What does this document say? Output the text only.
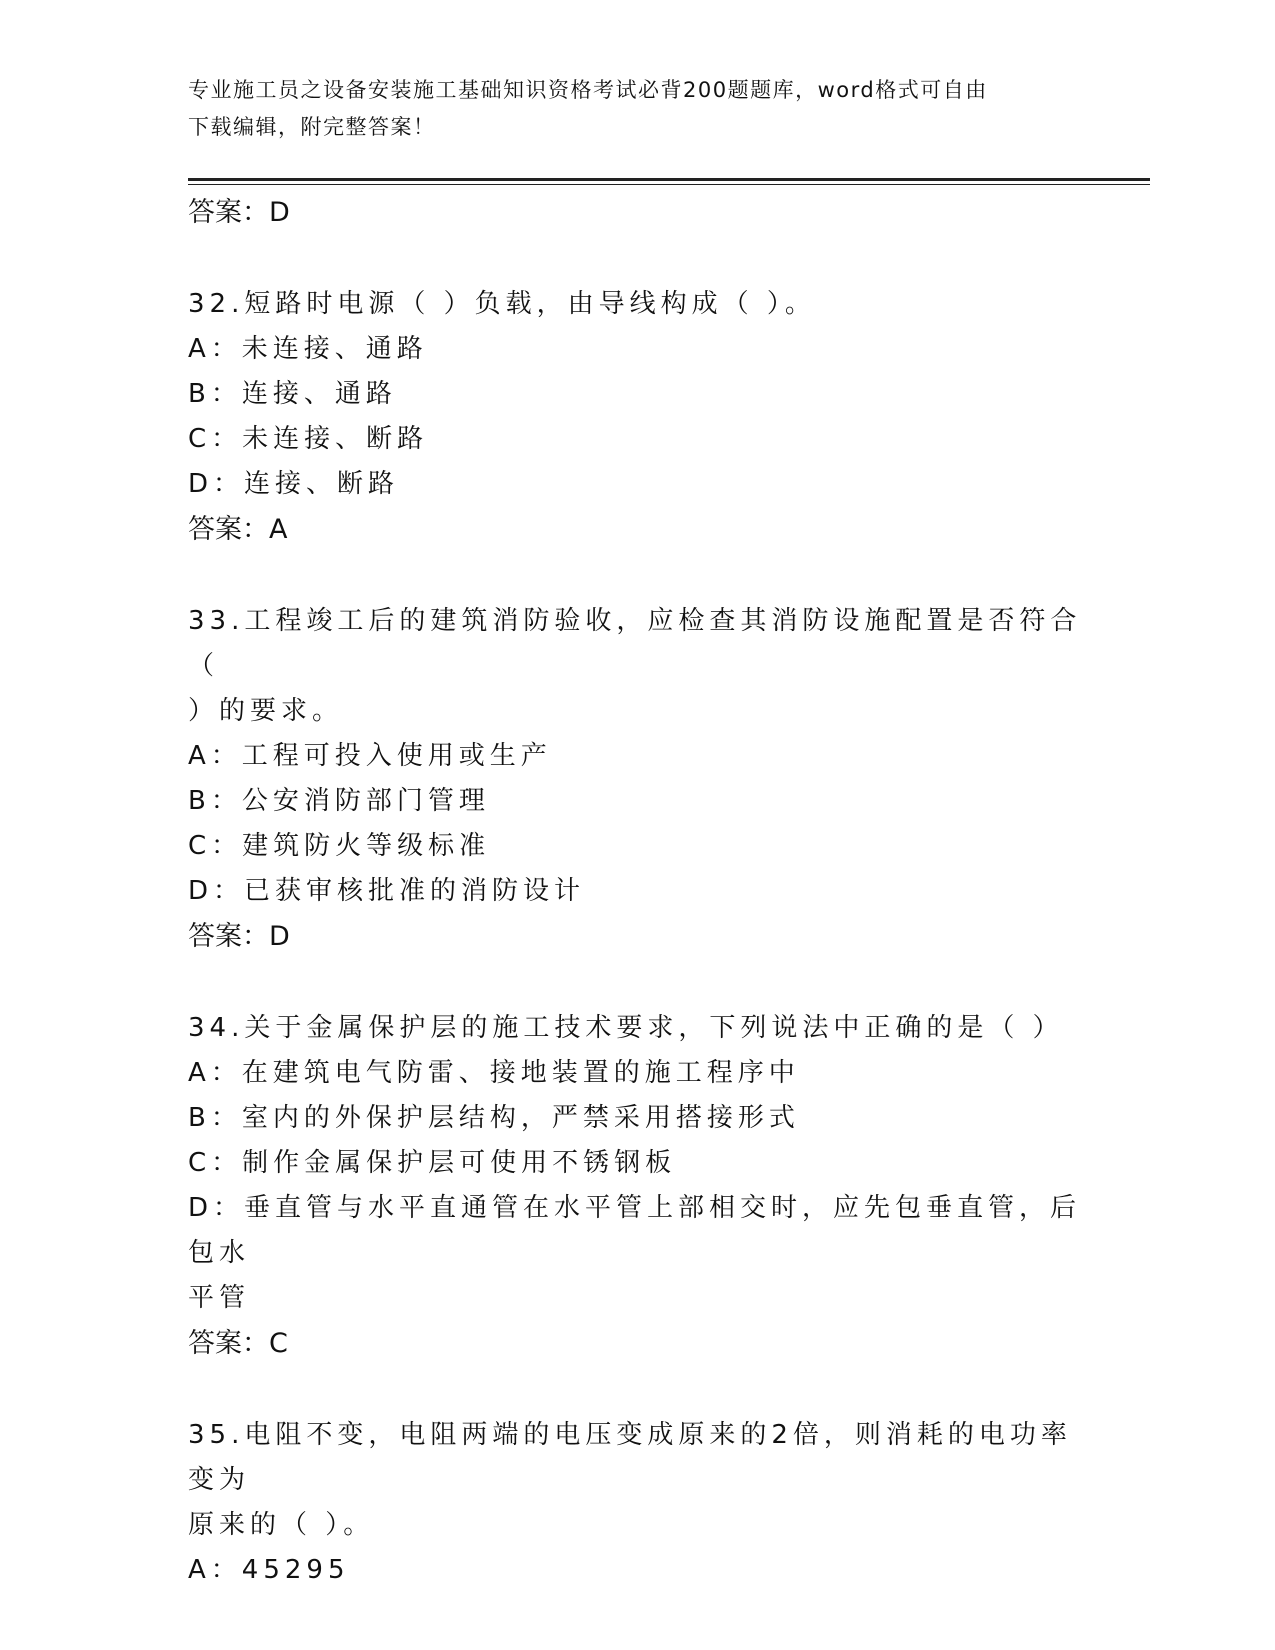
专业施工员之设备安装施工基础知识资格考试必背200题题库，word格式可自由
下载编辑，附完整答案！
答案：D
32.短路时电源（ ）负载，由导线构成（ ）。
A：未连接、通路
B：连接、通路
C：未连接、断路
D：连接、断路
答案：A
33.工程竣工后的建筑消防验收，应检查其消防设施配置是否符合（
）的要求。
A：工程可投入使用或生产
B：公安消防部门管理
C：建筑防火等级标准
D：已获审核批准的消防设计
答案：D
34.关于金属保护层的施工技术要求，下列说法中正确的是（ ）
A：在建筑电气防雷、接地装置的施工程序中
B：室内的外保护层结构，严禁采用搭接形式
C：制作金属保护层可使用不锈钢板
D：垂直管与水平直通管在水平管上部相交时，应先包垂直管，后包水
平管
答案：C
35.电阻不变，电阻两端的电压变成原来的2倍，则消耗的电功率变为
原来的（ ）。
A：45295
